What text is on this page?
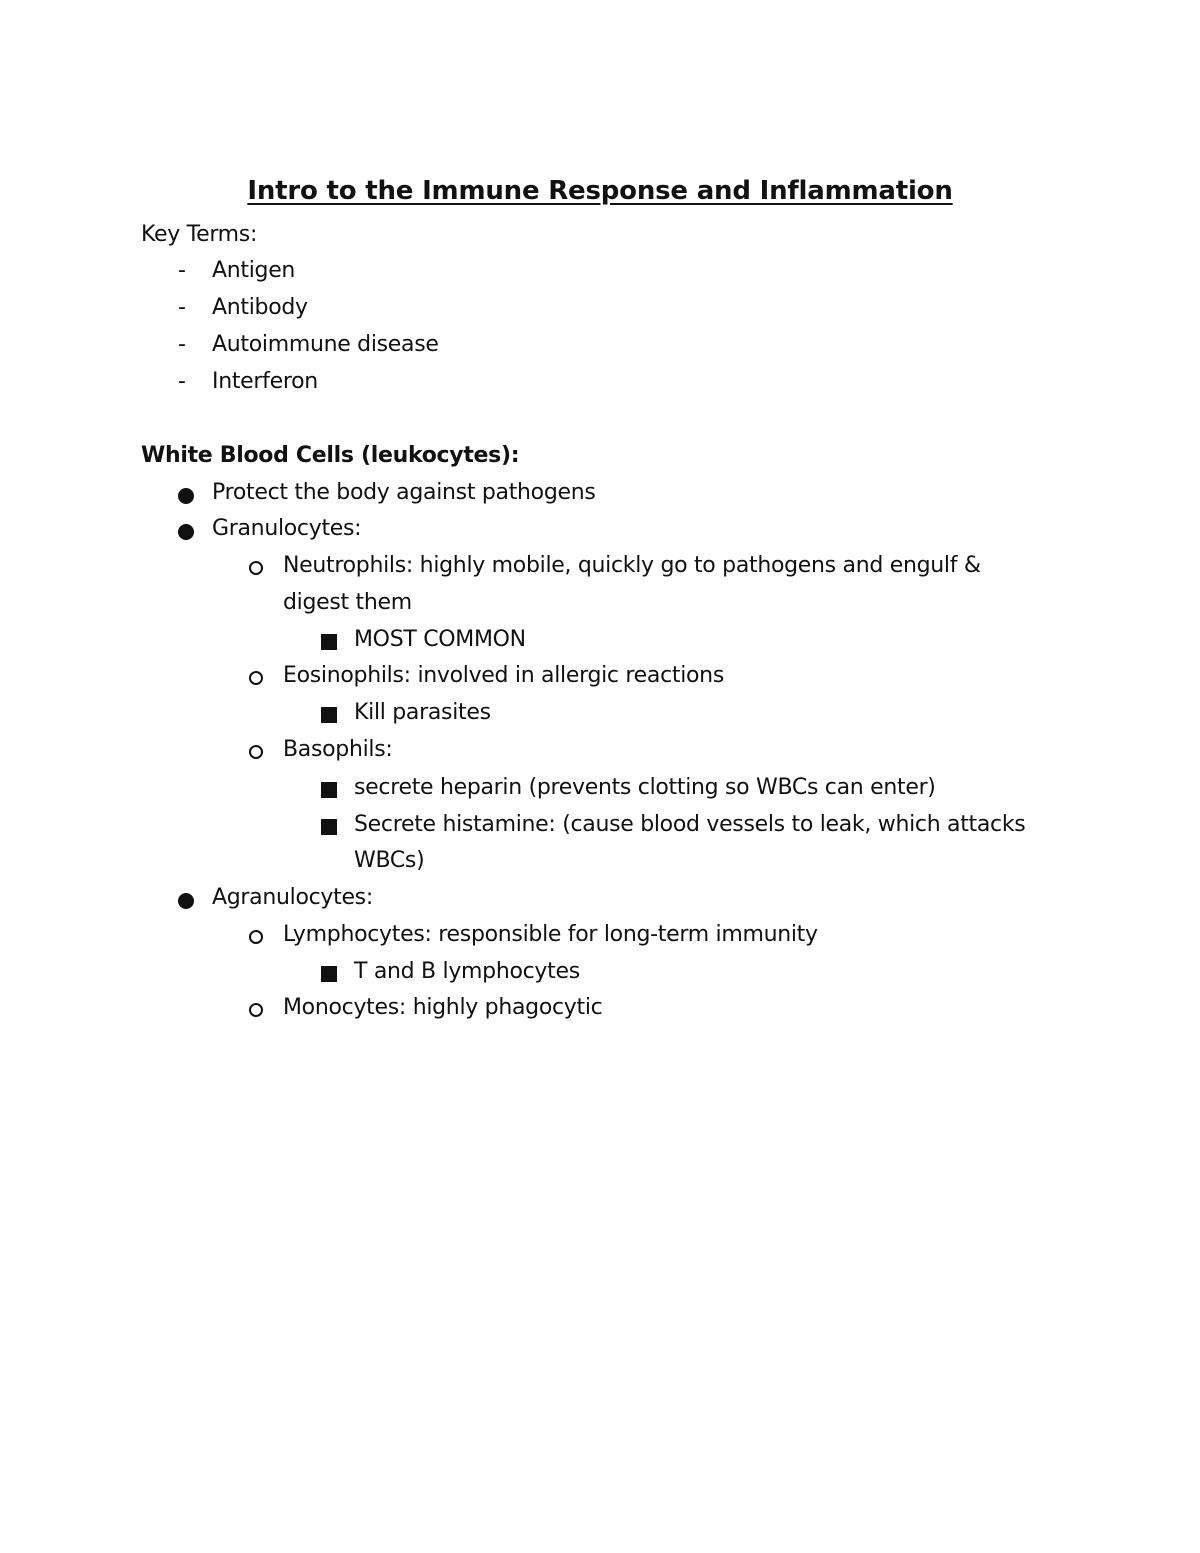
Intro to the Immune Response and Inflammation
Key Terms:
- Antigen
- Antibody
- Autoimmune disease
- Interferon
White Blood Cells (leukocytes):
Protect the body against pathogens
Granulocytes:
Neutrophils: highly mobile, quickly go to pathogens and engulf &
digest them
MOST COMMON
Eosinophils: involved in allergic reactions
Kill parasites
Basophils:
secrete heparin (prevents clotting so WBCs can enter)
Secrete histamine: (cause blood vessels to leak, which attacks
WBCs)
Agranulocytes:
Lymphocytes: responsible for long-term immunity
T and B lymphocytes
Monocytes: highly phagocytic
